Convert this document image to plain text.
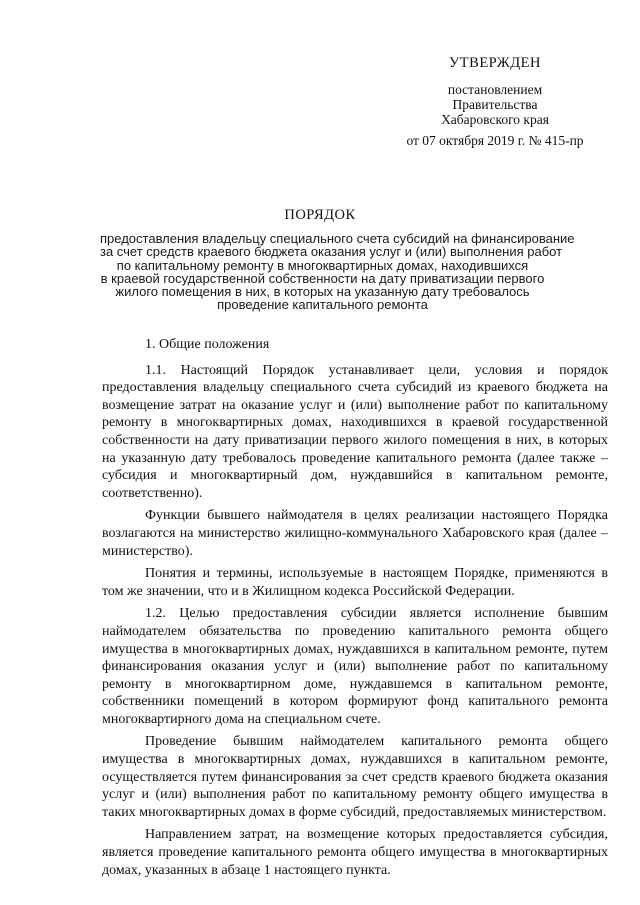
УТВЕРЖДЕН
постановлением
Правительства
Хабаровского края
от 07 октября 2019 г. № 415-пр
ПОРЯДОК
предоставления владельцу специального счета субсидий на финансирование
за счет средств краевого бюджета оказания услуг и (или) выполнения работ
по капитальному ремонту в многоквартирных домах, находившихся
в краевой государственной собственности на дату приватизации первого
жилого помещения в них, в которых на указанную дату требовалось
проведение капитального ремонта

1. Общие положения

1.1. Настоящий Порядок устанавливает цели, условия и порядок предоставления владельцу специального счета субсидий из краевого бюджета на возмещение затрат на оказание услуг и (или) выполнение работ по капитальному ремонту в многоквартирных домах, находившихся в краевой государственной собственности на дату приватизации первого жилого помещения в них, в которых на указанную дату требовалось проведение капитального ремонта (далее также – субсидия и многоквартирный дом, нуждавшийся в капитальном ремонте, соответственно).

Функции бывшего наймодателя в целях реализации настоящего Порядка возлагаются на министерство жилищно-коммунального Хабаровского края (далее – министерство).

Понятия и термины, используемые в настоящем Порядке, применяются в том же значении, что и в Жилищном кодекса Российской Федерации.

1.2. Целью предоставления субсидии является исполнение бывшим наймодателем обязательства по проведению капитального ремонта общего имущества в многоквартирных домах, нуждавшихся в капитальном ремонте, путем финансирования оказания услуг и (или) выполнение работ по капитальному ремонту в многоквартирном доме, нуждавшемся в капитальном ремонте, собственники помещений в котором формируют фонд капитального ремонта многоквартирного дома на специальном счете.

Проведение бывшим наймодателем капитального ремонта общего имущества в многоквартирных домах, нуждавшихся в капитальном ремонте, осуществляется путем финансирования за счет средств краевого бюджета оказания услуг и (или) выполнения работ по капитальному ремонту общего имущества в таких многоквартирных домах в форме субсидий, предоставляемых министерством.

Направлением затрат, на возмещение которых предоставляется субсидия, является проведение капитального ремонта общего имущества в многоквартирных домах, указанных в абзаце 1 настоящего пункта.
